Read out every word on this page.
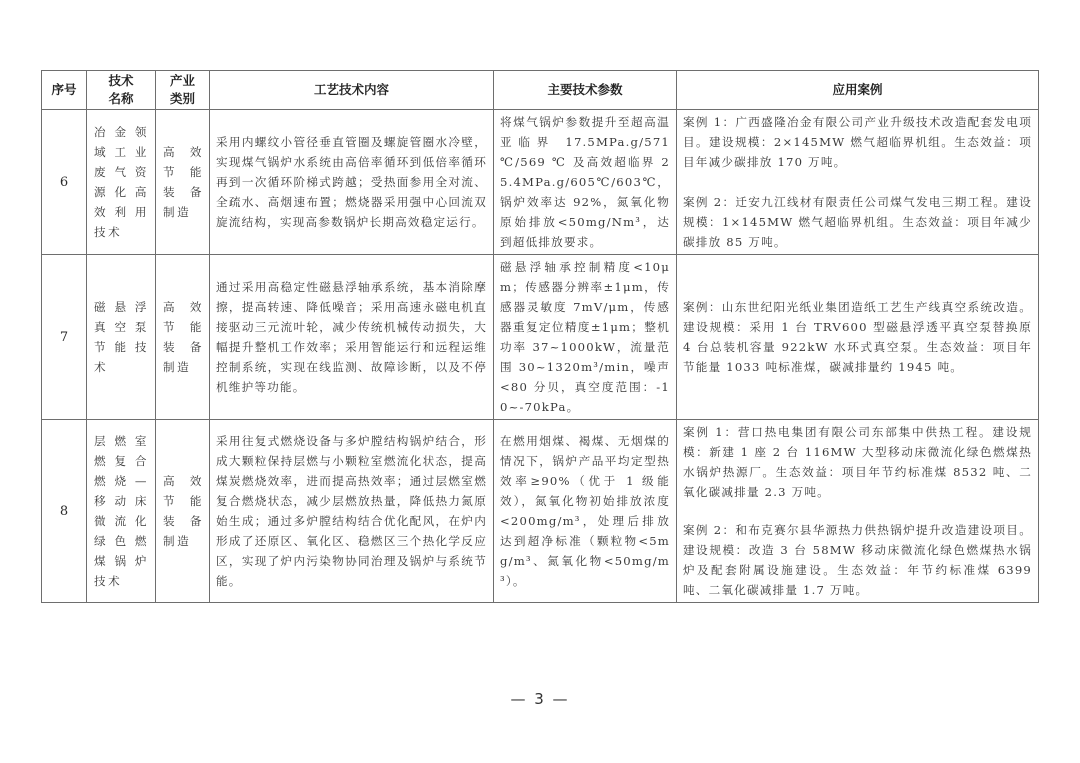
序号	技术名称	产业类别	工艺技术内容	主要技术参数	应用案例
6	冶金领域工业废气资源化高效利用技术	高效节能装备制造	采用内螺纹小管径垂直管圈及螺旋管圈水冷壁，实现煤气锅炉水系统由高倍率循环到低倍率循环再到一次循环阶梯式跨越；受热面参用全对流、全疏水、高烟速布置；燃烧器采用强中心回流双旋流结构，实现高参数锅炉长期高效稳定运行。	将煤气锅炉参数提升至超高温亚临界 17.5MPa.g/571 ℃/569 ℃ 及高效超临界 25.4MPa.g/605℃/603℃，锅炉效率达 92%，氮氧化物原始排放<50mg/Nm³，达到超低排放要求。	案例 1：广西盛隆冶金有限公司产业升级技术改造配套发电项目。建设规模：2×145MW 燃气超临界机组。生态效益：项目年减少碳排放 170 万吨。
案例 2：迁安九江线材有限责任公司煤气发电三期工程。建设规模：1×145MW 燃气超临界机组。生态效益：项目年减少碳排放 85 万吨。

7	磁悬浮真空泵节能技术	高效节能装备制造	通过采用高稳定性磁悬浮轴承系统，基本消除摩擦，提高转速、降低噪音；采用高速永磁电机直接驱动三元流叶轮，减少传统机械传动损失，大幅提升整机工作效率；采用智能运行和远程运维控制系统，实现在线监测、故障诊断，以及不停机维护等功能。	磁悬浮轴承控制精度<10μm；传感器分辨率±1μm，传感器灵敏度 7mV/μm，传感器重复定位精度±1μm；整机功率 37~1000kW，流量范围 30~1320m³/min，噪声<80 分贝，真空度范围：-10~-70kPa。	案例：山东世纪阳光纸业集团造纸工艺生产线真空系统改造。建设规模：采用 1 台 TRV600 型磁悬浮透平真空泵替换原 4 台总装机容量 922kW 水环式真空泵。生态效益：项目年节能量 1033 吨标准煤，碳减排量约 1945 吨。

8	层燃室燃复合燃烧—移动床微流化绿色燃煤锅炉技术	高效节能装备制造	采用往复式燃烧设备与多炉膛结构锅炉结合，形成大颗粒保持层燃与小颗粒室燃流化状态，提高煤炭燃烧效率，进而提高热效率；通过层燃室燃复合燃烧状态，减少层燃放热量，降低热力氮原始生成；通过多炉膛结构结合优化配风，在炉内形成了还原区、氧化区、稳燃区三个热化学反应区，实现了炉内污染物协同治理及锅炉与系统节能。	在燃用烟煤、褐煤、无烟煤的情况下，锅炉产品平均定型热效率≥90%（优于 1 级能效），氮氧化物初始排放浓度<200mg/m³，处理后排放达到超净标准（颗粒物<5mg/m³、氮氧化物<50mg/m³）。	案例 1：营口热电集团有限公司东部集中供热工程。建设规模：新建 1 座 2 台 116MW 大型移动床微流化绿色燃煤热水锅炉热源厂。生态效益：项目年节约标准煤 8532 吨、二氧化碳减排量 2.3 万吨。
案例 2：和布克赛尔县华源热力供热锅炉提升改造建设项目。建设规模：改造 3 台 58MW 移动床微流化绿色燃煤热水锅炉及配套附属设施建设。生态效益：年节约标准煤 6399 吨、二氧化碳减排量 1.7 万吨。
— 3 —
